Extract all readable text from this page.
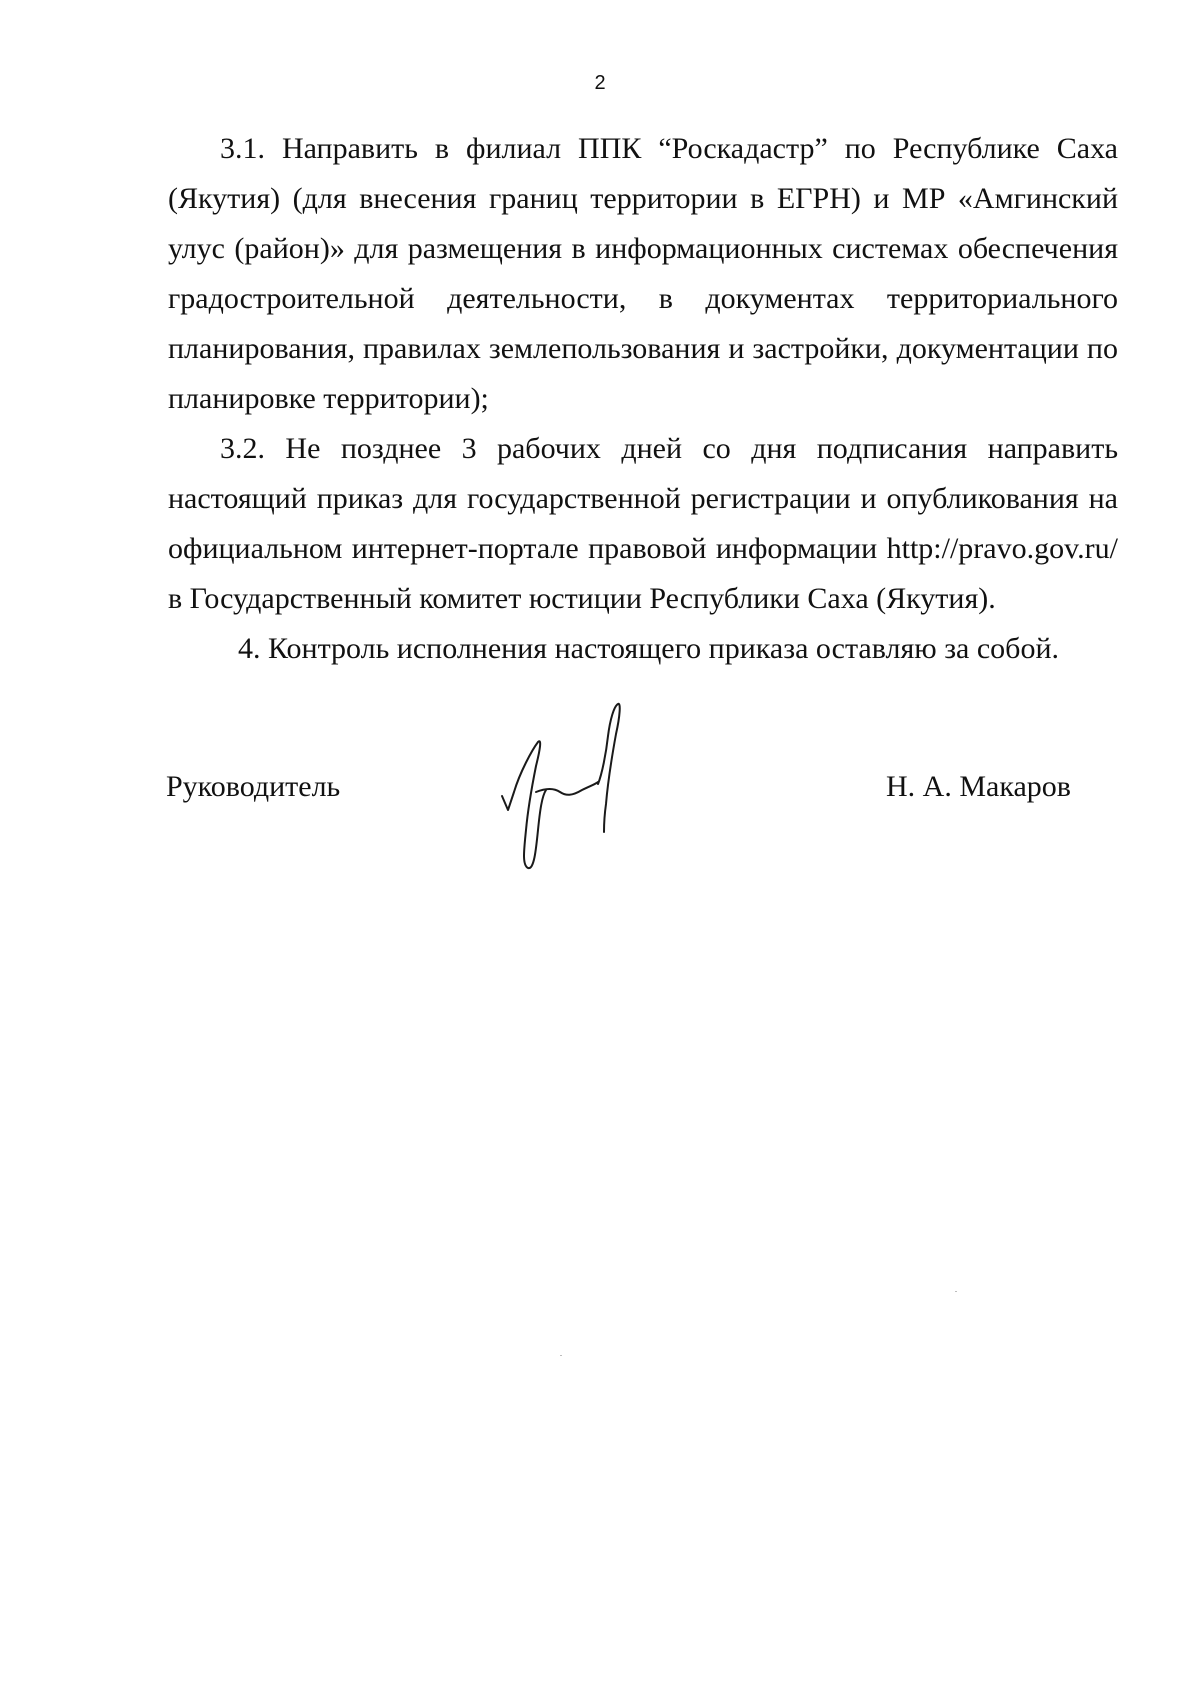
2

3.1. Направить в филиал ППК “Роскадастр” по Республике Саха (Якутия) (для внесения границ территории в ЕГРН) и МР «Амгинский улус (район)» для размещения в информационных системах обеспечения градостроительной деятельности, в документах территориального планирования, правилах землепользования и застройки, документации по планировке территории);

3.2. Не позднее 3 рабочих дней со дня подписания направить настоящий приказ для государственной регистрации и опубликования на официальном интернет-портале правовой информации http://pravo.gov.ru/ в Государственный комитет юстиции Республики Саха (Якутия).

4. Контроль исполнения настоящего приказа оставляю за собой.

Руководитель	Н. А. Макаров
